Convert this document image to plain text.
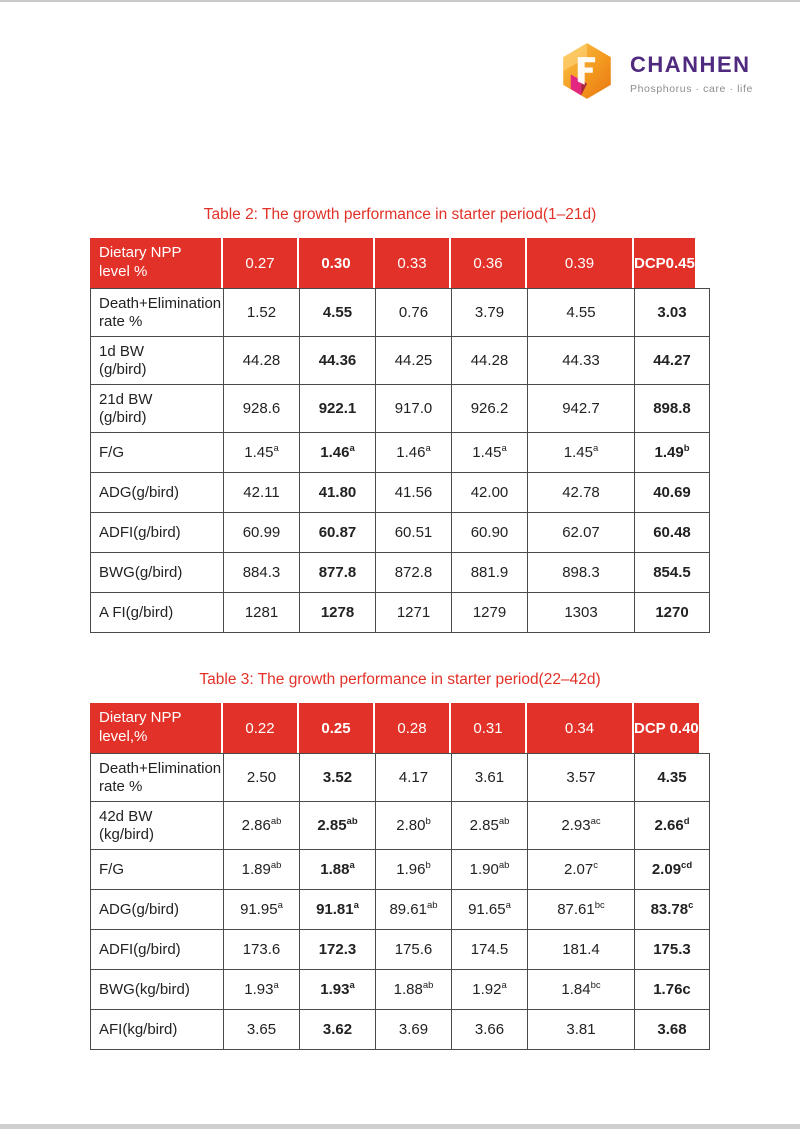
CHANHEN
Phosphorus · care · life
Table 2: The growth performance in starter period(1–21d)
Dietary NPP
level %	0.27	0.30	0.33	0.36	0.39	DCP0.45
Death+Elimination
rate %	1.52	4.55	0.76	3.79	4.55	3.03
1d BW
(g/bird)	44.28	44.36	44.25	44.28	44.33	44.27
21d BW
(g/bird)	928.6	922.1	917.0	926.2	942.7	898.8
F/G	1.45$^a$	1.46$^a$	1.46$^a$	1.45$^a$	1.45$^a$	1.49$^b$
ADG(g/bird)	42.11	41.80	41.56	42.00	42.78	40.69
ADFI(g/bird)	60.99	60.87	60.51	60.90	62.07	60.48
BWG(g/bird)	884.3	877.8	872.8	881.9	898.3	854.5
A FI(g/bird)	1281	1278	1271	1279	1303	1270
Table 3: The growth performance in starter period(22–42d)
Dietary NPP
level,%	0.22	0.25	0.28	0.31	0.34	DCP 0.40
Death+Elimination
rate %	2.50	3.52	4.17	3.61	3.57	4.35
42d BW
(kg/bird)	2.86$^{ab}$	2.85$^{ab}$	2.80$^b$	2.85$^{ab}$	2.93$^{ac}$	2.66$^d$
F/G	1.89$^{ab}$	1.88$^a$	1.96$^b$	1.90$^{ab}$	2.07$^c$	2.09$^{cd}$
ADG(g/bird)	91.95$^a$	91.81$^a$	89.61$^{ab}$	91.65$^a$	87.61$^{bc}$	83.78$^c$
ADFI(g/bird)	173.6	172.3	175.6	174.5	181.4	175.3
BWG(kg/bird)	1.93$^a$	1.93$^a$	1.88$^{ab}$	1.92$^a$	1.84$^{bc}$	1.76c
AFI(kg/bird)	3.65	3.62	3.69	3.66	3.81	3.68
